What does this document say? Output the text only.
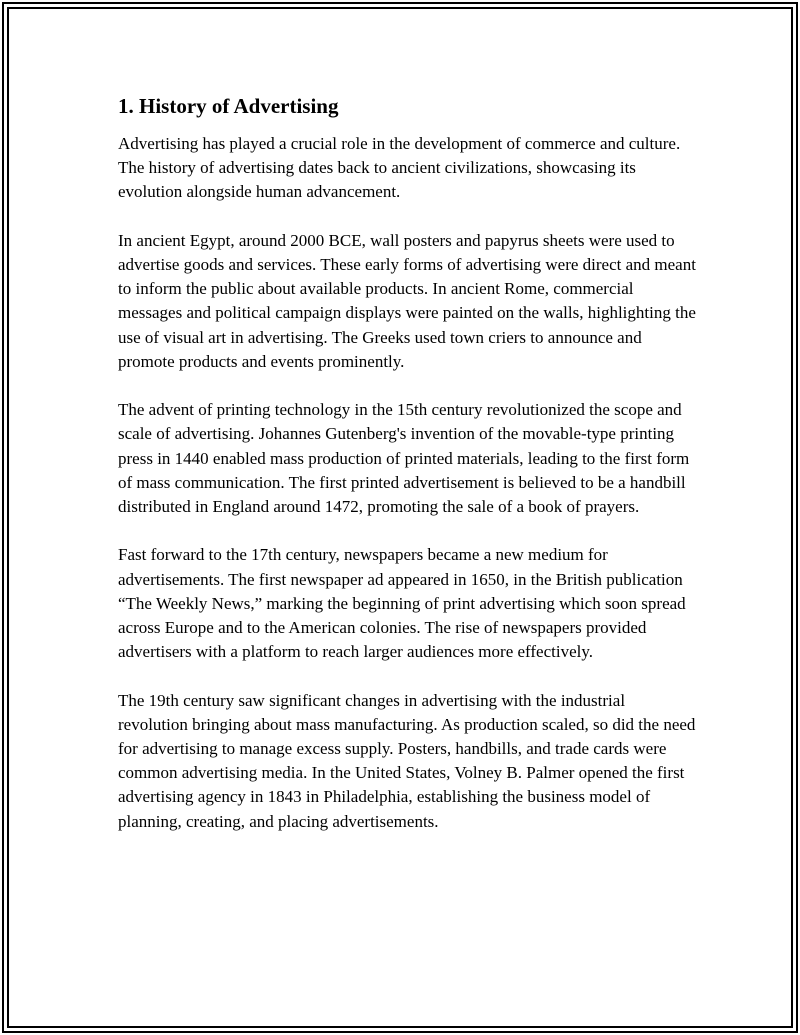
1. History of Advertising

Advertising has played a crucial role in the development of commerce and culture. The history of advertising dates back to ancient civilizations, showcasing its evolution alongside human advancement.

In ancient Egypt, around 2000 BCE, wall posters and papyrus sheets were used to advertise goods and services. These early forms of advertising were direct and meant to inform the public about available products. In ancient Rome, commercial messages and political campaign displays were painted on the walls, highlighting the use of visual art in advertising. The Greeks used town criers to announce and promote products and events prominently.

The advent of printing technology in the 15th century revolutionized the scope and scale of advertising. Johannes Gutenberg's invention of the movable-type printing press in 1440 enabled mass production of printed materials, leading to the first form of mass communication. The first printed advertisement is believed to be a handbill distributed in England around 1472, promoting the sale of a book of prayers.

Fast forward to the 17th century, newspapers became a new medium for advertisements. The first newspaper ad appeared in 1650, in the British publication “The Weekly News,” marking the beginning of print advertising which soon spread across Europe and to the American colonies. The rise of newspapers provided advertisers with a platform to reach larger audiences more effectively.

The 19th century saw significant changes in advertising with the industrial revolution bringing about mass manufacturing. As production scaled, so did the need for advertising to manage excess supply. Posters, handbills, and trade cards were common advertising media. In the United States, Volney B. Palmer opened the first advertising agency in 1843 in Philadelphia, establishing the business model of planning, creating, and placing advertisements.
